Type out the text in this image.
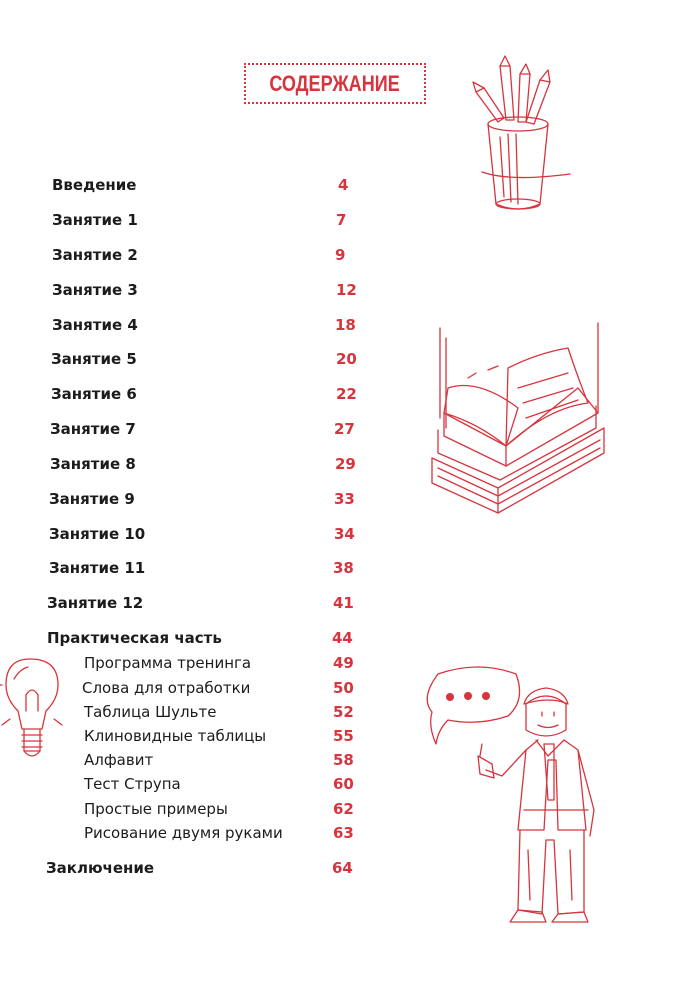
СОДЕРЖАНИЕ
Введение	4
Занятие 1	7
Занятие 2	9
Занятие 3	12
Занятие 4	18
Занятие 5	20
Занятие 6	22
Занятие 7	27
Занятие 8	29
Занятие 9	33
Занятие 10	34
Занятие 11	38
Занятие 12	41
Практическая часть	44
Программа тренинга	49
Слова для отработки	50
Таблица Шульте	52
Клиновидные таблицы	55
Алфавит	58
Тест Струпа	60
Простые примеры	62
Рисование двумя руками	63
Заключение	64
